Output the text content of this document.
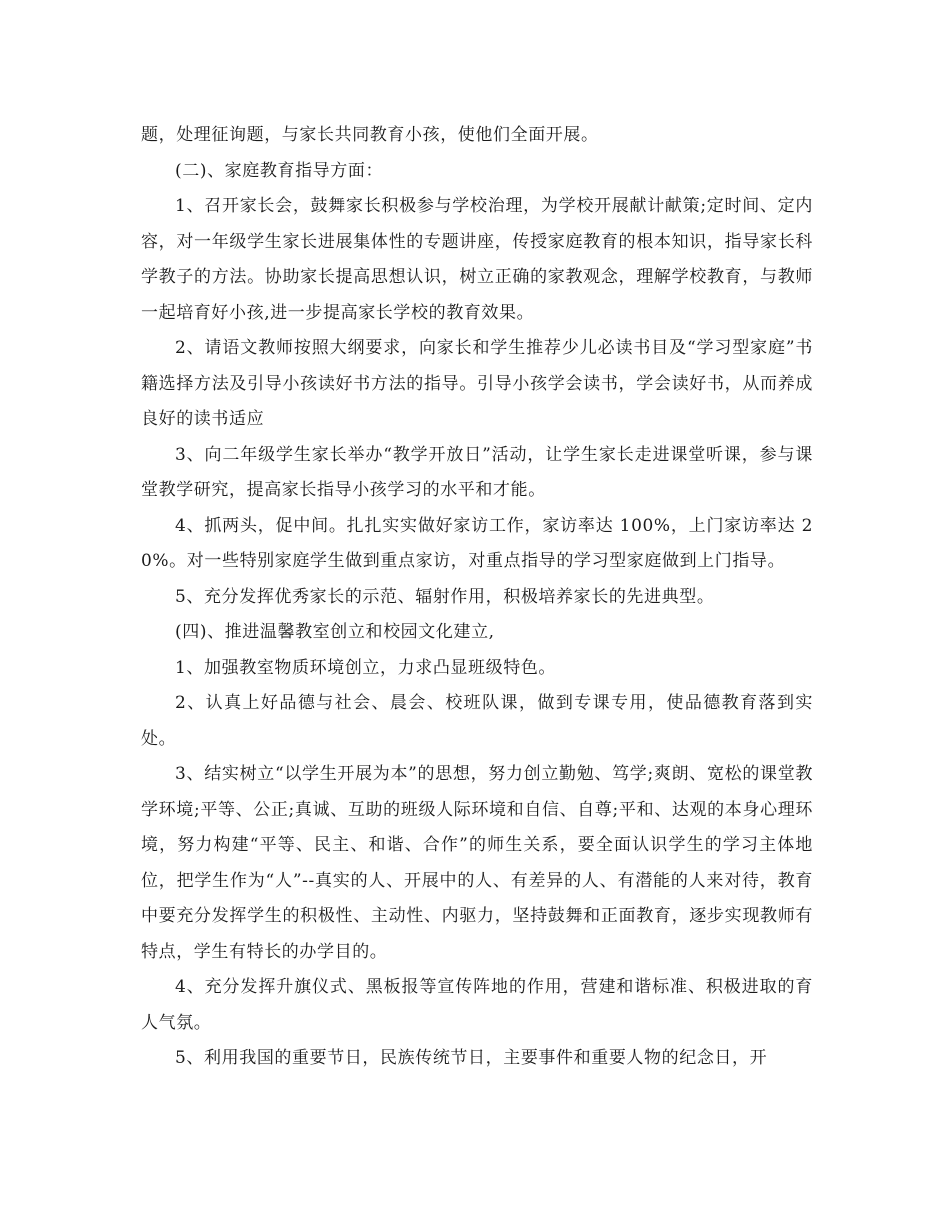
题，处理征询题，与家长共同教育小孩，使他们全面开展。

(二)、家庭教育指导方面：

1、召开家长会，鼓舞家长积极参与学校治理，为学校开展献计献策;定时间、定内容，对一年级学生家长进展集体性的专题讲座，传授家庭教育的根本知识，指导家长科学教子的方法。协助家长提高思想认识，树立正确的家教观念，理解学校教育，与教师一起培育好小孩,进一步提高家长学校的教育效果。

2、请语文教师按照大纲要求，向家长和学生推荐少儿必读书目及“学习型家庭”书籍选择方法及引导小孩读好书方法的指导。引导小孩学会读书，学会读好书，从而养成良好的读书适应

3、向二年级学生家长举办“教学开放日”活动，让学生家长走进课堂听课，参与课堂教学研究，提高家长指导小孩学习的水平和才能。

4、抓两头，促中间。扎扎实实做好家访工作，家访率达 100%，上门家访率达 20%。对一些特别家庭学生做到重点家访，对重点指导的学习型家庭做到上门指导。

5、充分发挥优秀家长的示范、辐射作用，积极培养家长的先进典型。

(四)、推进温馨教室创立和校园文化建立,

1、加强教室物质环境创立，力求凸显班级特色。

2、认真上好品德与社会、晨会、校班队课，做到专课专用，使品德教育落到实处。

3、结实树立“以学生开展为本”的思想，努力创立勤勉、笃学;爽朗、宽松的课堂教学环境;平等、公正;真诚、互助的班级人际环境和自信、自尊;平和、达观的本身心理环境，努力构建“平等、民主、和谐、合作”的师生关系，要全面认识学生的学习主体地位，把学生作为“人”--真实的人、开展中的人、有差异的人、有潜能的人来对待，教育中要充分发挥学生的积极性、主动性、内驱力，坚持鼓舞和正面教育，逐步实现教师有特点，学生有特长的办学目的。

4、充分发挥升旗仪式、黑板报等宣传阵地的作用，营建和谐标准、积极进取的育人气氛。

5、利用我国的重要节日，民族传统节日，主要事件和重要人物的纪念日，开
